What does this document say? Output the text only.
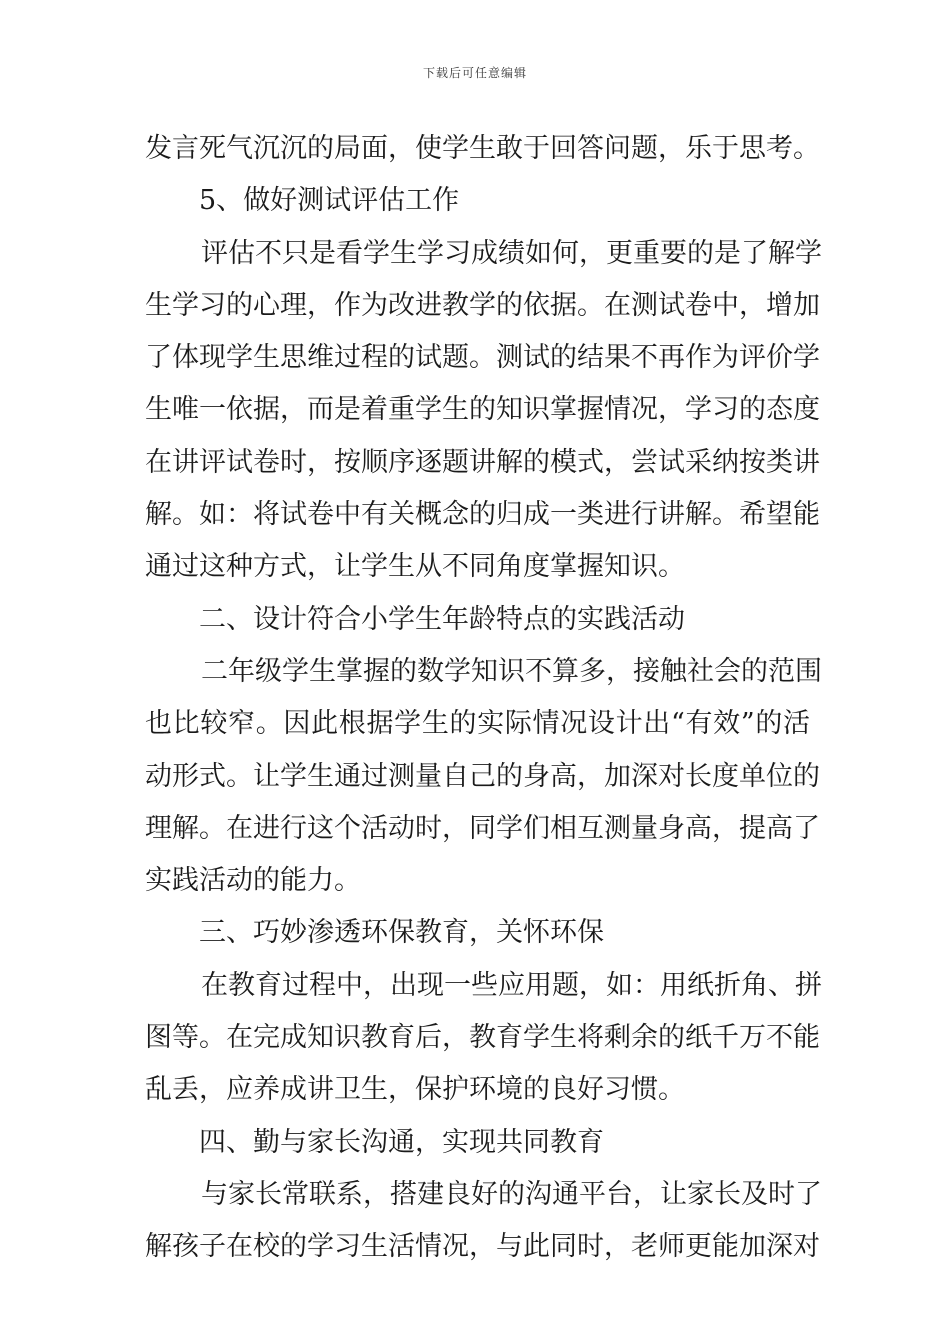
下载后可任意编辑
发言死气沉沉的局面，使学生敢于回答问题，乐于思考。
5、做好测试评估工作
评估不只是看学生学习成绩如何，更重要的是了解学
生学习的心理，作为改进教学的依据。在测试卷中，增加
了体现学生思维过程的试题。测试的结果不再作为评价学
生唯一依据，而是着重学生的知识掌握情况，学习的态度
在讲评试卷时，按顺序逐题讲解的模式，尝试采纳按类讲
解。如：将试卷中有关概念的归成一类进行讲解。希望能
通过这种方式，让学生从不同角度掌握知识。
二、设计符合小学生年龄特点的实践活动
二年级学生掌握的数学知识不算多，接触社会的范围
也比较窄。因此根据学生的实际情况设计出“有效”的活
动形式。让学生通过测量自己的身高，加深对长度单位的
理解。在进行这个活动时，同学们相互测量身高，提高了
实践活动的能力。
三、巧妙渗透环保教育，关怀环保
在教育过程中，出现一些应用题，如：用纸折角、拼
图等。在完成知识教育后，教育学生将剩余的纸千万不能
乱丢，应养成讲卫生，保护环境的良好习惯。
四、勤与家长沟通，实现共同教育
与家长常联系，搭建良好的沟通平台，让家长及时了
解孩子在校的学习生活情况，与此同时，老师更能加深对
